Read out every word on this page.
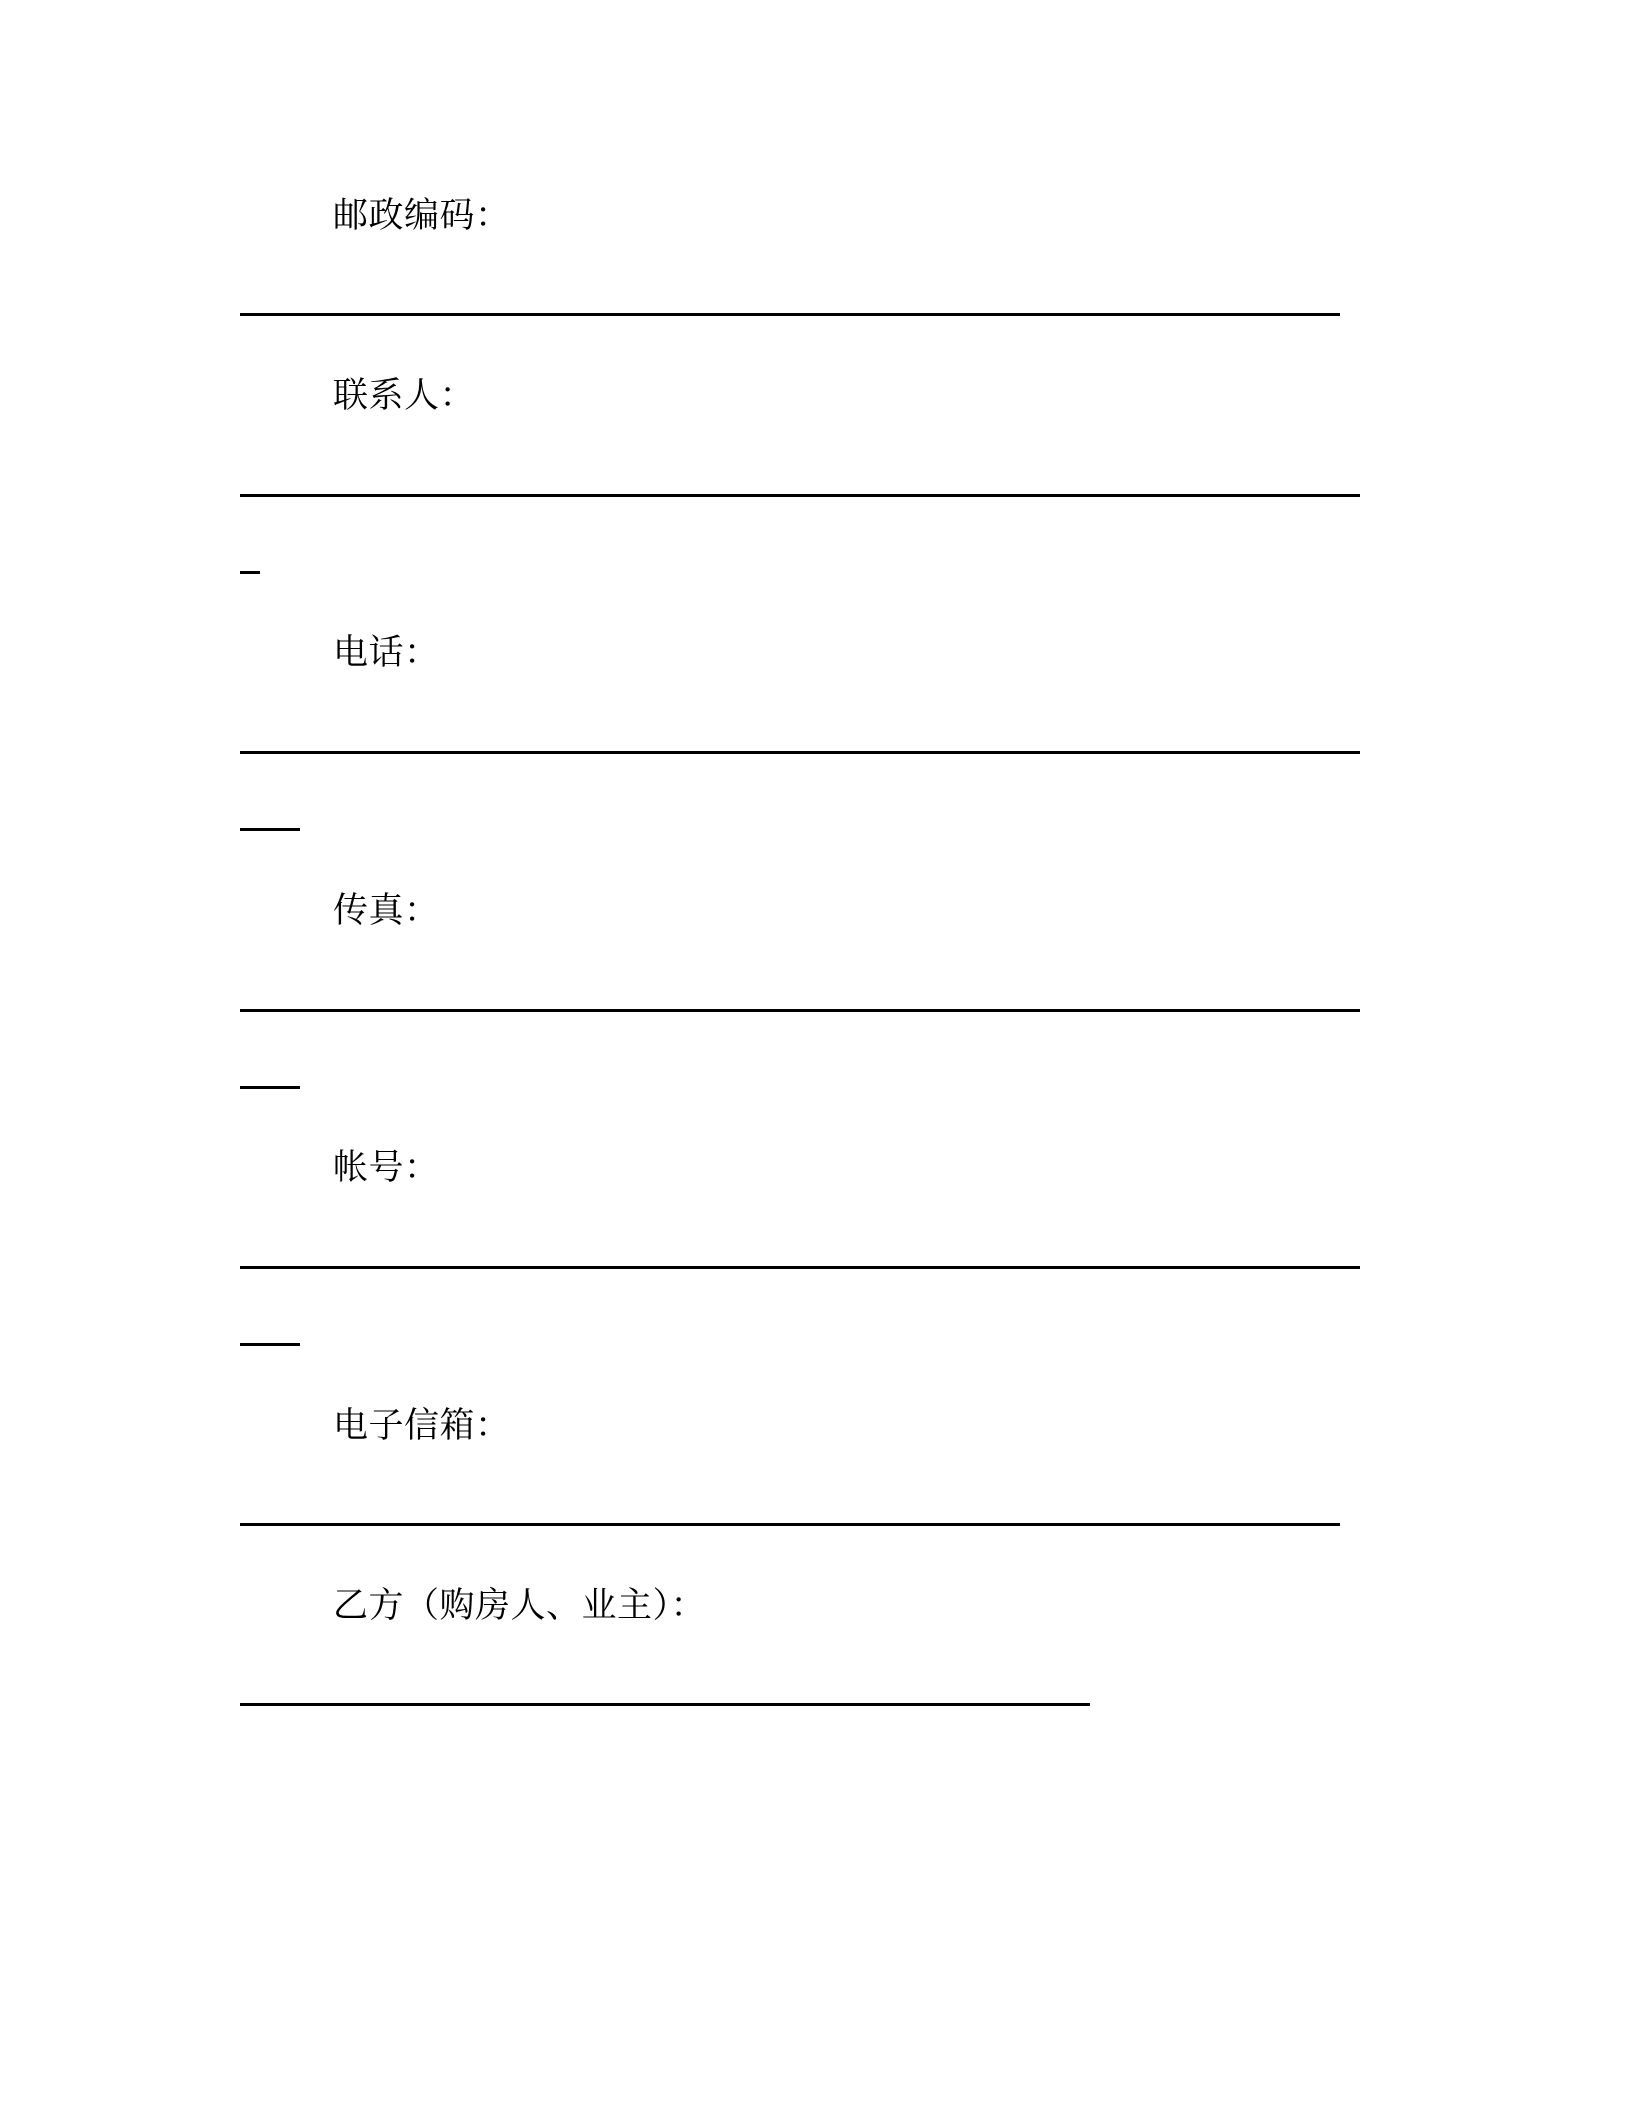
邮政编码：
联系人：
电话：
传真：
帐号：
电子信箱：
乙方（购房人、业主）：
